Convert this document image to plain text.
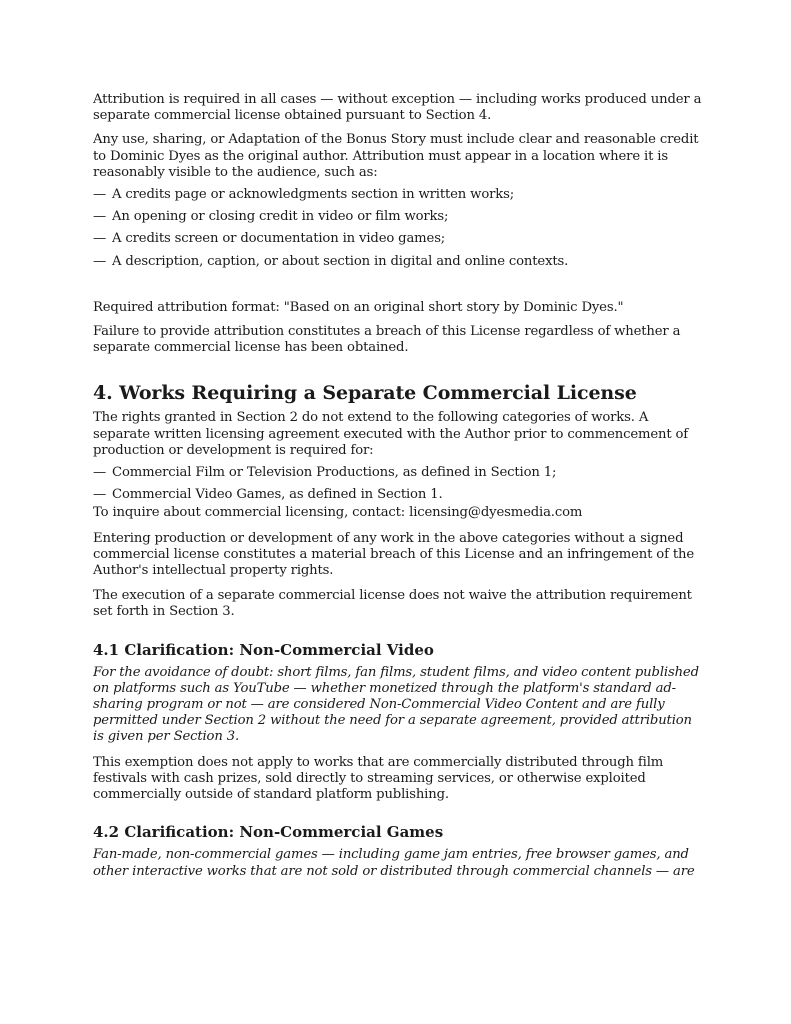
Attribution is required in all cases — without exception — including works produced under a separate commercial license obtained pursuant to Section 4.

Any use, sharing, or Adaptation of the Bonus Story must include clear and reasonable credit to Dominic Dyes as the original author. Attribution must appear in a location where it is reasonably visible to the audience, such as:

— A credits page or acknowledgments section in written works;
— An opening or closing credit in video or film works;
— A credits screen or documentation in video games;
— A description, caption, or about section in digital and online contexts.

Required attribution format: "Based on an original short story by Dominic Dyes."

Failure to provide attribution constitutes a breach of this License regardless of whether a separate commercial license has been obtained.

4. Works Requiring a Separate Commercial License

The rights granted in Section 2 do not extend to the following categories of works. A separate written licensing agreement executed with the Author prior to commencement of production or development is required for:

— Commercial Film or Television Productions, as defined in Section 1;
— Commercial Video Games, as defined in Section 1.

To inquire about commercial licensing, contact: licensing@dyesmedia.com

Entering production or development of any work in the above categories without a signed commercial license constitutes a material breach of this License and an infringement of the Author's intellectual property rights.

The execution of a separate commercial license does not waive the attribution requirement set forth in Section 3.

4.1 Clarification: Non-Commercial Video

For the avoidance of doubt: short films, fan films, student films, and video content published on platforms such as YouTube — whether monetized through the platform's standard ad-sharing program or not — are considered Non-Commercial Video Content and are fully permitted under Section 2 without the need for a separate agreement, provided attribution is given per Section 3.

This exemption does not apply to works that are commercially distributed through film festivals with cash prizes, sold directly to streaming services, or otherwise exploited commercially outside of standard platform publishing.

4.2 Clarification: Non-Commercial Games

Fan-made, non-commercial games — including game jam entries, free browser games, and other interactive works that are not sold or distributed through commercial channels — are
